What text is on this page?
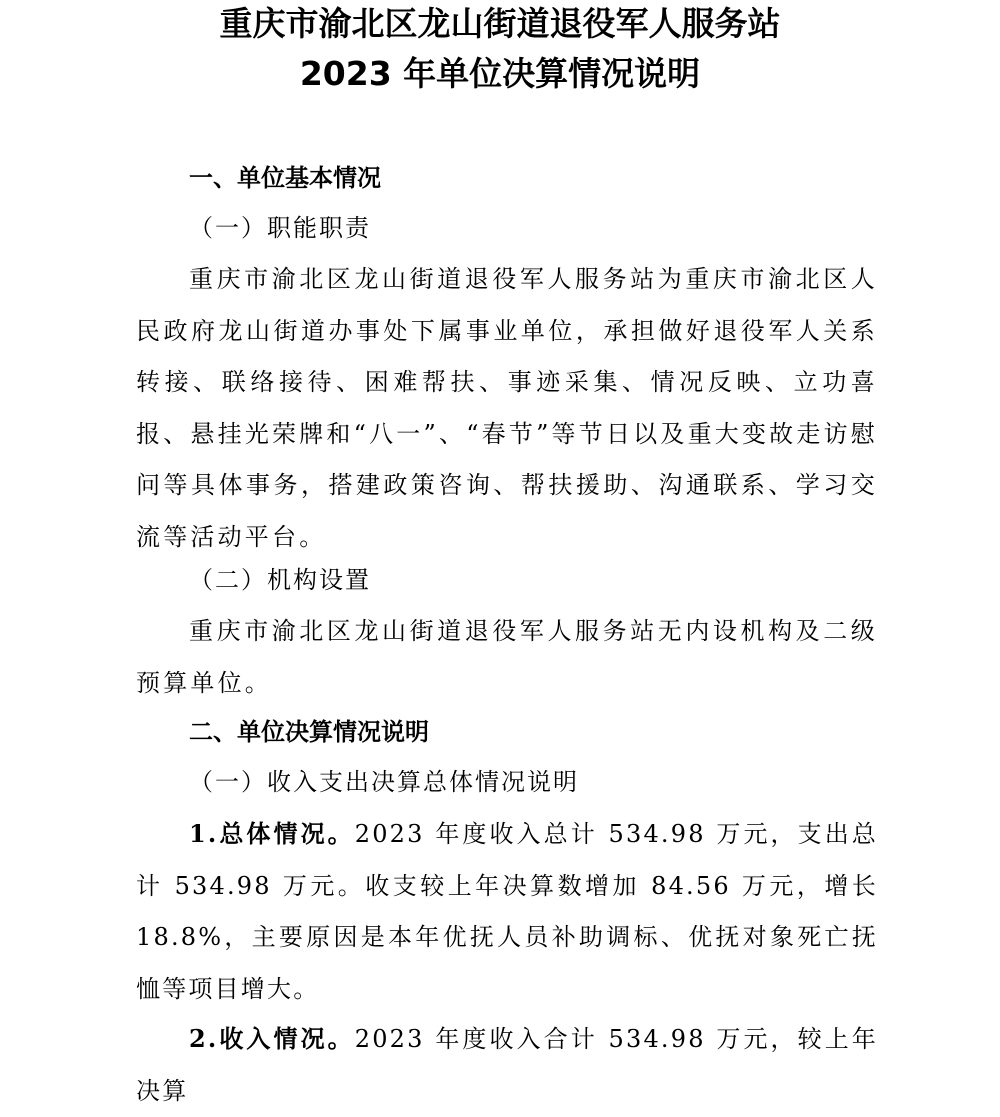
重庆市渝北区龙山街道退役军人服务站
2023 年单位决算情况说明
一、单位基本情况
（一）职能职责

重庆市渝北区龙山街道退役军人服务站为重庆市渝北区人民政府龙山街道办事处下属事业单位，承担做好退役军人关系转接、联络接待、困难帮扶、事迹采集、情况反映、立功喜报、悬挂光荣牌和“八一”、“春节”等节日以及重大变故走访慰问等具体事务，搭建政策咨询、帮扶援助、沟通联系、学习交流等活动平台。

（二）机构设置

重庆市渝北区龙山街道退役军人服务站无内设机构及二级预算单位。

二、单位决算情况说明
（一）收入支出决算总体情况说明

1.总体情况。2023 年度收入总计 534.98 万元，支出总计 534.98 万元。收支较上年决算数增加 84.56 万元，增长 18.8%，主要原因是本年优抚人员补助调标、优抚对象死亡抚恤等项目增大。

2.收入情况。2023 年度收入合计 534.98 万元，较上年决算
